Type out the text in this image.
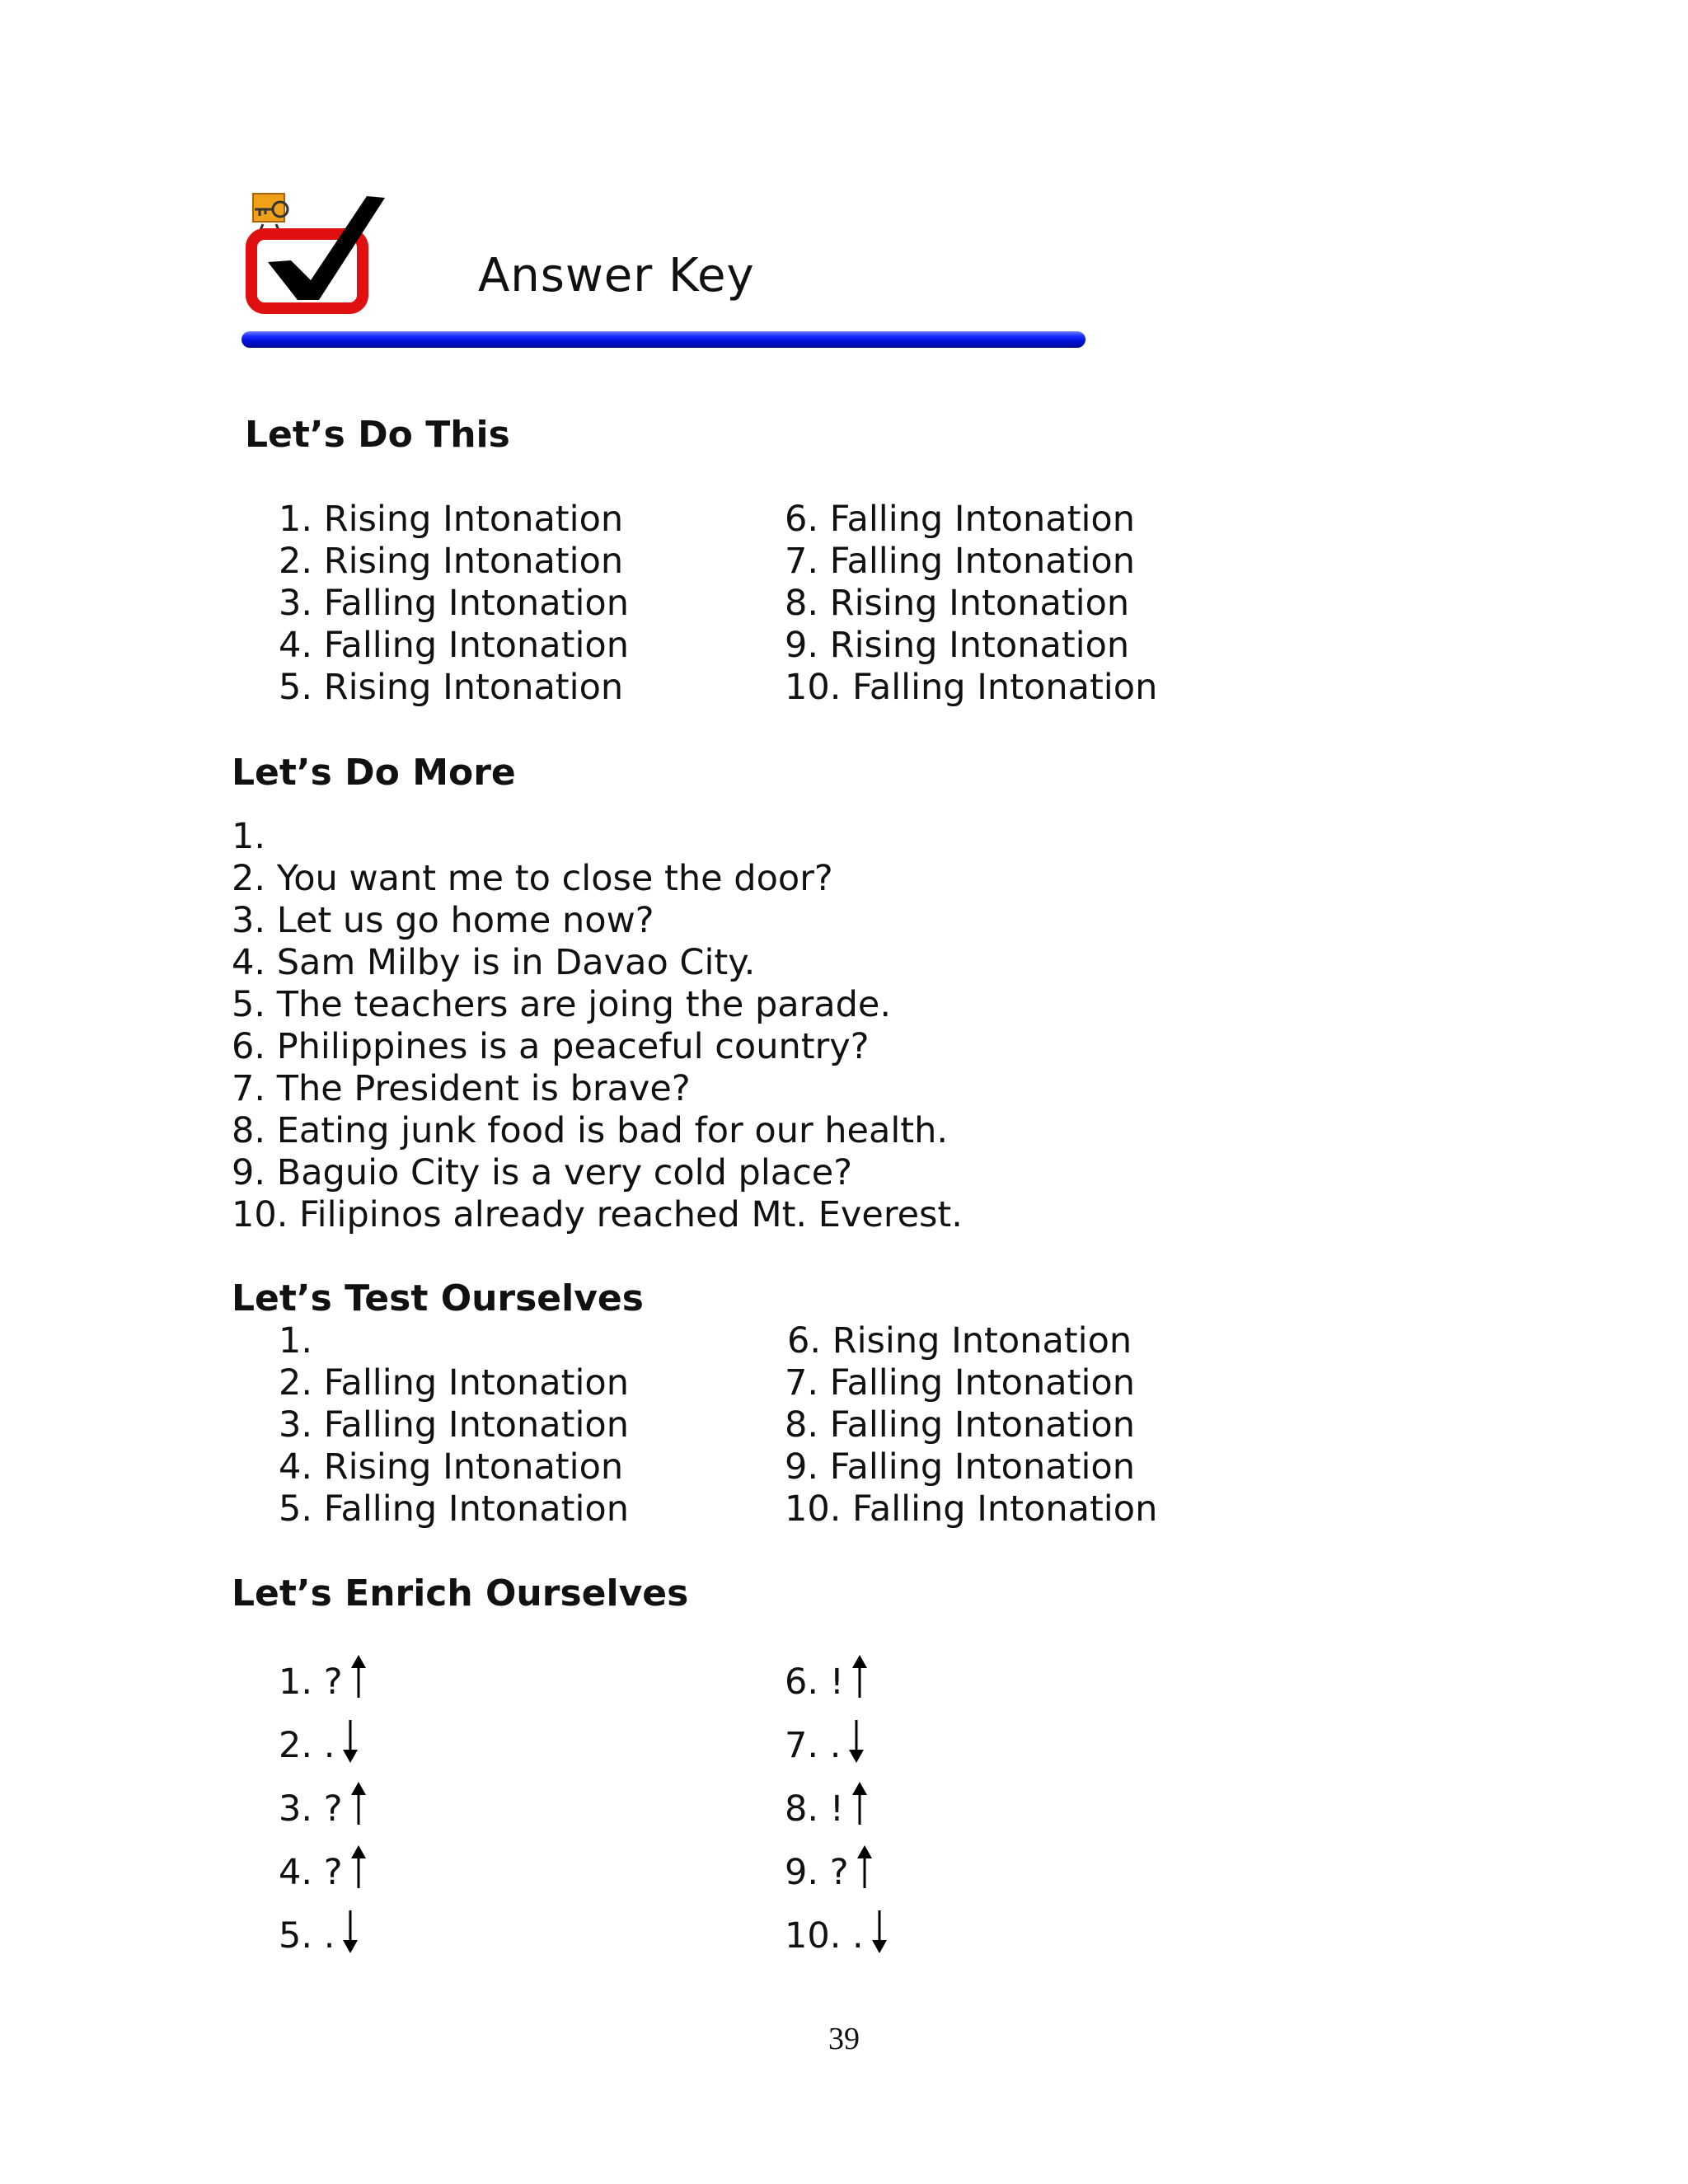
Answer Key
Let’s Do This
1. Rising Intonation
2. Rising Intonation
3. Falling Intonation
4. Falling Intonation
5. Rising Intonation
6. Falling Intonation
7. Falling Intonation
8. Rising Intonation
9. Rising Intonation
10. Falling Intonation
Let’s Do More
1.
2. You want me to close the door?
3. Let us go home now?
4. Sam Milby is in Davao City.
5. The teachers are joing the parade.
6. Philippines is a peaceful country?
7. The President is brave?
8. Eating junk food is bad for our health.
9. Baguio City is a very cold place?
10. Filipinos already reached Mt. Everest.
Let’s Test Ourselves
1.
2. Falling Intonation
3. Falling Intonation
4. Rising Intonation
5. Falling Intonation
6. Rising Intonation
7. Falling Intonation
8. Falling Intonation
9. Falling Intonation
10. Falling Intonation
Let’s Enrich Ourselves
1. ?
2. .
3. ?
4. ?
5. .
6. !
7. .
8. !
9. ?
10. .
39
